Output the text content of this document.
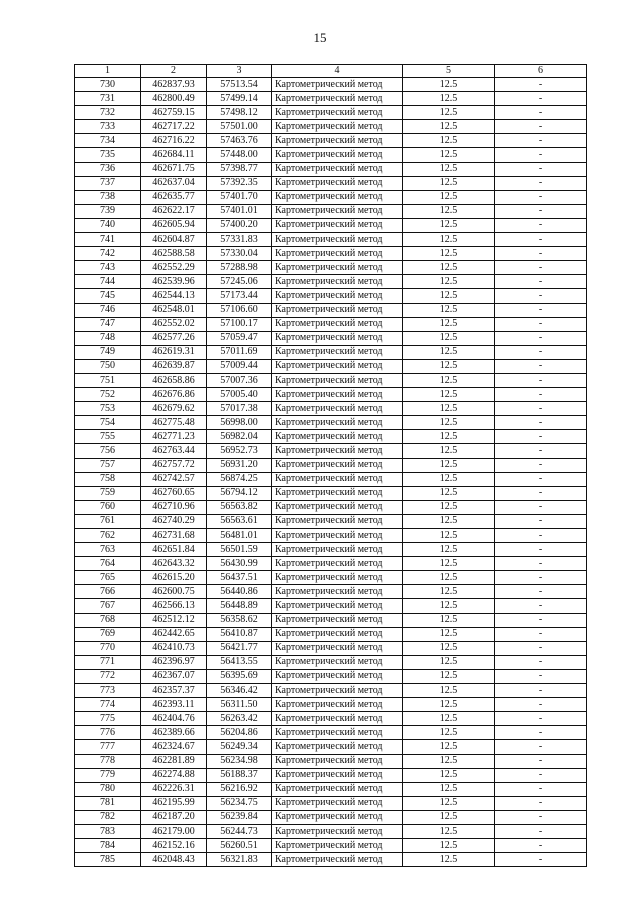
15
1	2	3	4	5	6
730	462837.93	57513.54	Картометрический метод	12.5	-
731	462800.49	57499.14	Картометрический метод	12.5	-
732	462759.15	57498.12	Картометрический метод	12.5	-
733	462717.22	57501.00	Картометрический метод	12.5	-
734	462716.22	57463.76	Картометрический метод	12.5	-
735	462684.11	57448.00	Картометрический метод	12.5	-
736	462671.75	57398.77	Картометрический метод	12.5	-
737	462637.04	57392.35	Картометрический метод	12.5	-
738	462635.77	57401.70	Картометрический метод	12.5	-
739	462622.17	57401.01	Картометрический метод	12.5	-
740	462605.94	57400.20	Картометрический метод	12.5	-
741	462604.87	57331.83	Картометрический метод	12.5	-
742	462588.58	57330.04	Картометрический метод	12.5	-
743	462552.29	57288.98	Картометрический метод	12.5	-
744	462539.96	57245.06	Картометрический метод	12.5	-
745	462544.13	57173.44	Картометрический метод	12.5	-
746	462548.01	57106.60	Картометрический метод	12.5	-
747	462552.02	57100.17	Картометрический метод	12.5	-
748	462577.26	57059.47	Картометрический метод	12.5	-
749	462619.31	57011.69	Картометрический метод	12.5	-
750	462639.87	57009.44	Картометрический метод	12.5	-
751	462658.86	57007.36	Картометрический метод	12.5	-
752	462676.86	57005.40	Картометрический метод	12.5	-
753	462679.62	57017.38	Картометрический метод	12.5	-
754	462775.48	56998.00	Картометрический метод	12.5	-
755	462771.23	56982.04	Картометрический метод	12.5	-
756	462763.44	56952.73	Картометрический метод	12.5	-
757	462757.72	56931.20	Картометрический метод	12.5	-
758	462742.57	56874.25	Картометрический метод	12.5	-
759	462760.65	56794.12	Картометрический метод	12.5	-
760	462710.96	56563.82	Картометрический метод	12.5	-
761	462740.29	56563.61	Картометрический метод	12.5	-
762	462731.68	56481.01	Картометрический метод	12.5	-
763	462651.84	56501.59	Картометрический метод	12.5	-
764	462643.32	56430.99	Картометрический метод	12.5	-
765	462615.20	56437.51	Картометрический метод	12.5	-
766	462600.75	56440.86	Картометрический метод	12.5	-
767	462566.13	56448.89	Картометрический метод	12.5	-
768	462512.12	56358.62	Картометрический метод	12.5	-
769	462442.65	56410.87	Картометрический метод	12.5	-
770	462410.73	56421.77	Картометрический метод	12.5	-
771	462396.97	56413.55	Картометрический метод	12.5	-
772	462367.07	56395.69	Картометрический метод	12.5	-
773	462357.37	56346.42	Картометрический метод	12.5	-
774	462393.11	56311.50	Картометрический метод	12.5	-
775	462404.76	56263.42	Картометрический метод	12.5	-
776	462389.66	56204.86	Картометрический метод	12.5	-
777	462324.67	56249.34	Картометрический метод	12.5	-
778	462281.89	56234.98	Картометрический метод	12.5	-
779	462274.88	56188.37	Картометрический метод	12.5	-
780	462226.31	56216.92	Картометрический метод	12.5	-
781	462195.99	56234.75	Картометрический метод	12.5	-
782	462187.20	56239.84	Картометрический метод	12.5	-
783	462179.00	56244.73	Картометрический метод	12.5	-
784	462152.16	56260.51	Картометрический метод	12.5	-
785	462048.43	56321.83	Картометрический метод	12.5	-
